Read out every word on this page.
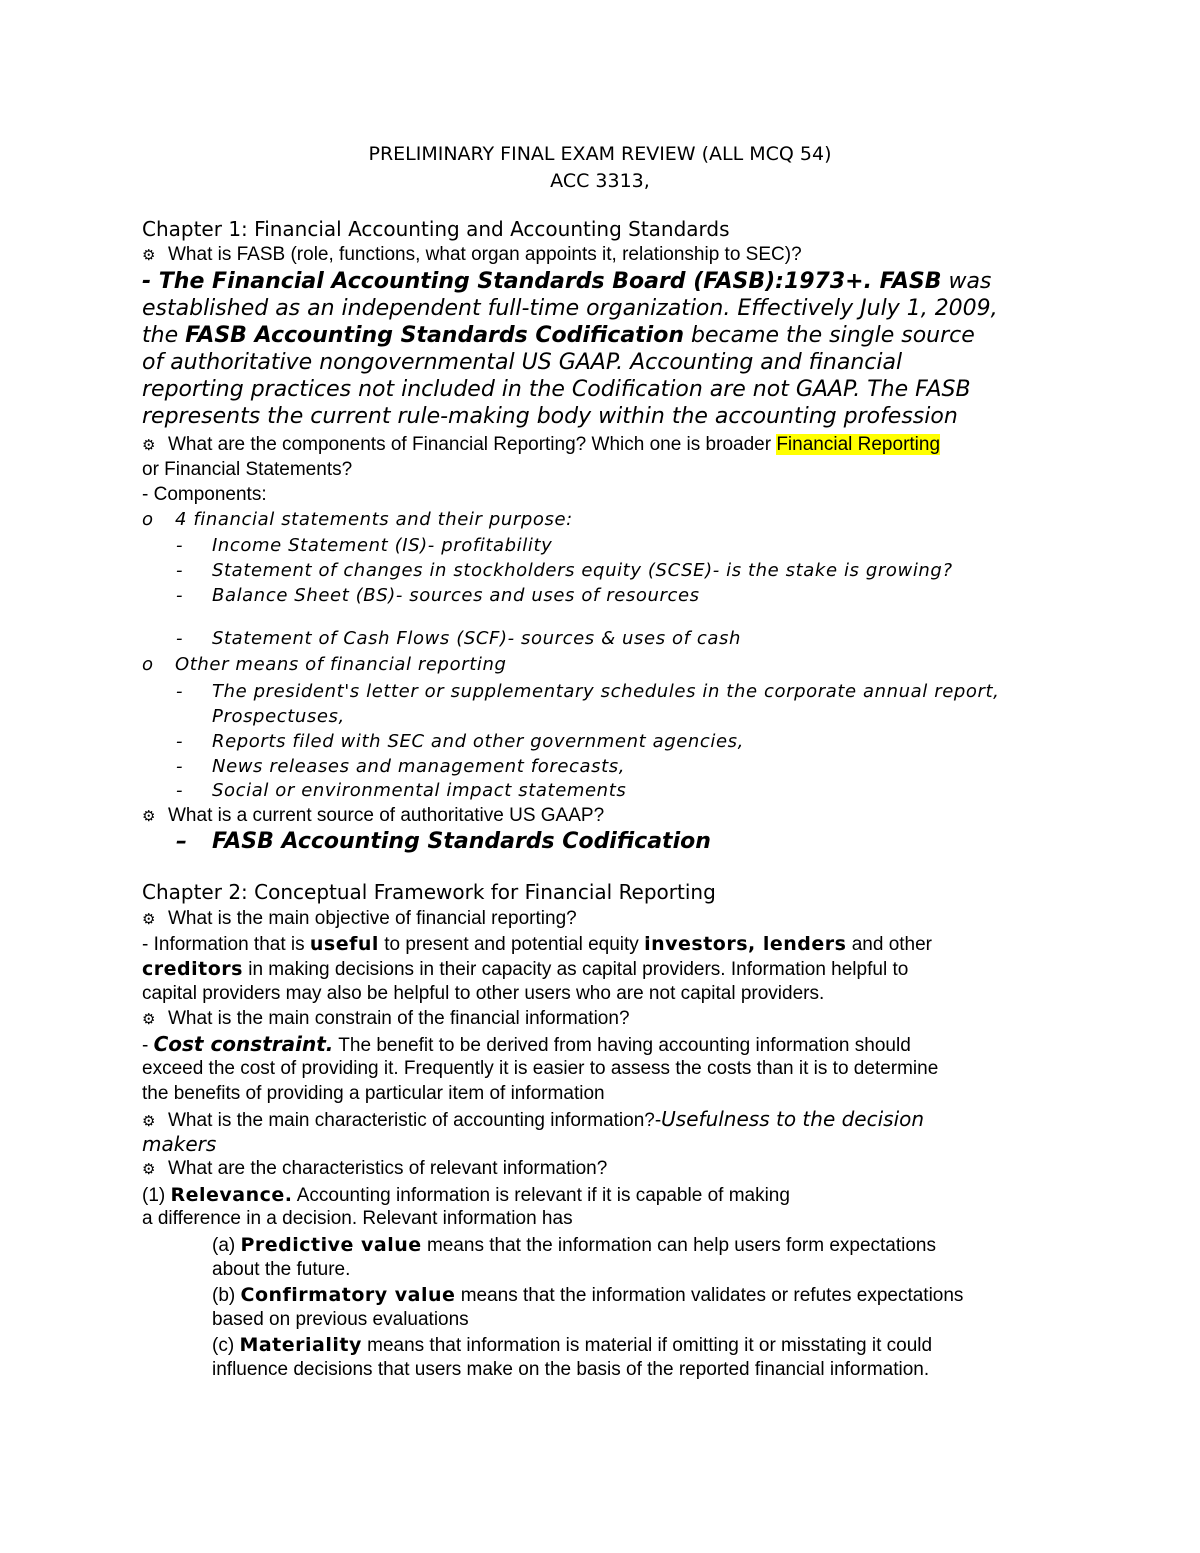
PRELIMINARY FINAL EXAM REVIEW (ALL MCQ 54)
ACC 3313,
Chapter 1: Financial Accounting and Accounting Standards
⚙ What is FASB (role, functions, what organ appoints it, relationship to SEC)?
- The Financial Accounting Standards Board (FASB):1973+. FASB was
established as an independent full-time organization. Effectively July 1, 2009,
the FASB Accounting Standards Codification became the single source
of authoritative nongovernmental US GAAP. Accounting and financial
reporting practices not included in the Codification are not GAAP. The FASB
represents the current rule-making body within the accounting profession
⚙ What are the components of Financial Reporting? Which one is broader Financial Reporting
or Financial Statements?
- Components:
o 4 financial statements and their purpose:
- Income Statement (IS)- profitability
- Statement of changes in stockholders equity (SCSE)- is the stake is growing?
- Balance Sheet (BS)- sources and uses of resources
- Statement of Cash Flows (SCF)- sources & uses of cash
o Other means of financial reporting
- The president's letter or supplementary schedules in the corporate annual report,
Prospectuses,
- Reports filed with SEC and other government agencies,
- News releases and management forecasts,
- Social or environmental impact statements
⚙ What is a current source of authoritative US GAAP?
– FASB Accounting Standards Codification
Chapter 2: Conceptual Framework for Financial Reporting
⚙ What is the main objective of financial reporting?
- Information that is useful to present and potential equity investors, lenders and other
creditors in making decisions in their capacity as capital providers. Information helpful to
capital providers may also be helpful to other users who are not capital providers.
⚙ What is the main constrain of the financial information?
- Cost constraint. The benefit to be derived from having accounting information should
exceed the cost of providing it. Frequently it is easier to assess the costs than it is to determine
the benefits of providing a particular item of information
⚙ What is the main characteristic of accounting information?-Usefulness to the decision
makers
⚙ What are the characteristics of relevant information?
(1) Relevance. Accounting information is relevant if it is capable of making
a difference in a decision. Relevant information has
(a) Predictive value means that the information can help users form expectations
about the future.
(b) Confirmatory value means that the information validates or refutes expectations
based on previous evaluations
(c) Materiality means that information is material if omitting it or misstating it could
influence decisions that users make on the basis of the reported financial information.
